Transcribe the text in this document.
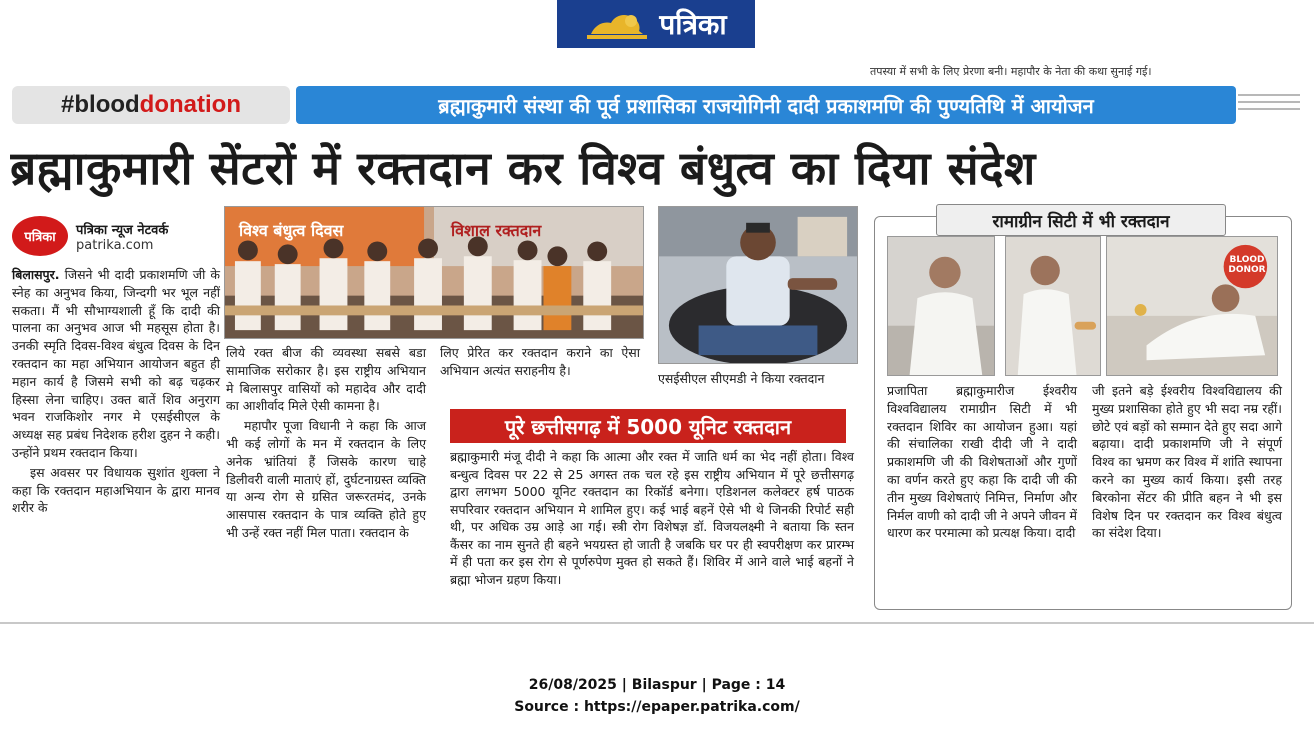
पत्रिका
तपस्या में सभी के लिए प्रेरणा बनी। महापौर के नेता की कथा सुनाई गई।
#blood donation	ब्रह्माकुमारी संस्था की पूर्व प्रशासिका राजयोगिनी दादी प्रकाशमणि की पुण्यतिथि में आयोजन
ब्रह्माकुमारी सेंटरों में रक्तदान कर विश्व बंधुत्व का दिया संदेश
पत्रिका	पत्रिका न्यूज नेटवर्क
patrika.com

बिलासपुर. जिसने भी दादी प्रकाशमणि जी के स्नेह का अनुभव किया, जिन्दगी भर भूल नहीं सकता। मैं भी सौभाग्यशाली हूँ कि दादी की पालना का अनुभव आज भी महसूस होता है। उनकी स्मृति दिवस-विश्व बंधुत्व दिवस के दिन रक्तदान का महा अभियान आयोजन बहुत ही महान कार्य है जिसमे सभी को बढ़ चढ़कर हिस्सा लेना चाहिए। उक्त बातें शिव अनुराग भवन राजकिशोर नगर मे एसईसीएल के अध्यक्ष सह प्रबंध निदेशक हरीश दुहन ने कही। उन्होंने प्रथम रक्तदान किया।

इस अवसर पर विधायक सुशांत शुक्ला ने कहा कि रक्तदान महाअभियान के द्वारा मानव शरीर के

विश्व बंधुत्व दिवस	विशाल रक्तदान

लिये रक्त बीज की व्यवस्था सबसे बडा सामाजिक सरोकार है। इस राष्ट्रीय अभियान मे बिलासपुर वासियों को महादेव और दादी का आशीर्वाद मिले ऐसी कामना है।

महापौर पूजा विधानी ने कहा कि आज भी कई लोगों के मन में रक्तदान के लिए अनेक भ्रांतियां हैं जिसके कारण चाहे डिलीवरी वाली माताएं हों, दुर्घटनाग्रस्त व्यक्ति या अन्य रोग से ग्रसित जरूरतमंद, उनके आसपास रक्तदान के पात्र व्यक्ति होते हुए भी उन्हें रक्त नहीं मिल पाता। रक्तदान के

लिए प्रेरित कर रक्तदान कराने का ऐसा अभियान अत्यंत सराहनीय है।

एसईसीएल सीएमडी ने किया रक्तदान
पूरे छत्तीसगढ़ में 5000 यूनिट रक्तदान
ब्रह्माकुमारी मंजू दीदी ने कहा कि आत्मा और रक्त में जाति धर्म का भेद नहीं होता। विश्व बन्धुत्व दिवस पर 22 से 25 अगस्त तक चल रहे इस राष्ट्रीय अभियान में पूरे छत्तीसगढ़ द्वारा लगभग 5000 यूनिट रक्तदान का रिकॉर्ड बनेगा। एडिशनल कलेक्टर हर्ष पाठक सपरिवार रक्तदान अभियान मे शामिल हुए। कई भाई बहनें ऐसे भी थे जिनकी रिपोर्ट सही थी, पर अधिक उम्र आड़े आ गई। स्त्री रोग विशेषज्ञ डॉ. विजयलक्ष्मी ने बताया कि स्तन कैंसर का नाम सुनते ही बहने भयग्रस्त हो जाती है जबकि घर पर ही स्वपरीक्षण कर प्रारम्भ में ही पता कर इस रोग से पूर्णरुपेण मुक्त हो सकते हैं। शिविर में आने वाले भाई बहनों ने ब्रह्मा भोजन ग्रहण किया।
रामाग्रीन सिटी में भी रक्तदान
BLOOD DONOR
प्रजापिता ब्रह्माकुमारीज ईश्वरीय विश्वविद्यालय रामाग्रीन सिटी में भी रक्तदान शिविर का आयोजन हुआ। यहां की संचालिका राखी दीदी जी ने दादी प्रकाशमणि जी की विशेषताओं और गुणों का वर्णन करते हुए कहा कि दादी जी की तीन मुख्य विशेषताएं निमित्त, निर्माण और निर्मल वाणी को दादी जी ने अपने जीवन में धारण कर परमात्मा को प्रत्यक्ष किया। दादी
जी इतने बड़े ईश्वरीय विश्वविद्यालय की मुख्य प्रशासिका होते हुए भी सदा नम्र रहीं। छोटे एवं बड़ों को सम्मान देते हुए सदा आगे बढ़ाया। दादी प्रकाशमणि जी ने संपूर्ण विश्व का भ्रमण कर विश्व में शांति स्थापना करने का मुख्य कार्य किया। इसी तरह बिरकोना सेंटर की प्रीति बहन ने भी इस विशेष दिन पर रक्तदान कर विश्व बंधुत्व का संदेश दिया।
26/08/2025 | Bilaspur | Page : 14
Source : https://epaper.patrika.com/
